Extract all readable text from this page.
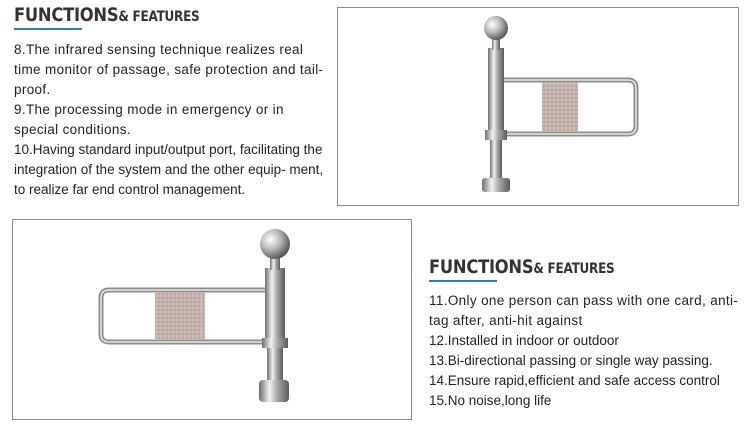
FUNCTIONS& FEATURES

8.The infrared sensing technique realizes real time monitor of passage, safe protection and tail-proof.

9.The processing mode in emergency or in special conditions.

10.Having standard input/output port, facilitating the integration of the system and the other equip- ment, to realize far end control management.

FUNCTIONS& FEATURES

11.Only one person can pass with one card, anti-tag after, anti-hit against

12.Installed in indoor or outdoor

13.Bi-directional passing or single way passing.

14.Ensure rapid,efficient and safe access control

15.No noise,long life
